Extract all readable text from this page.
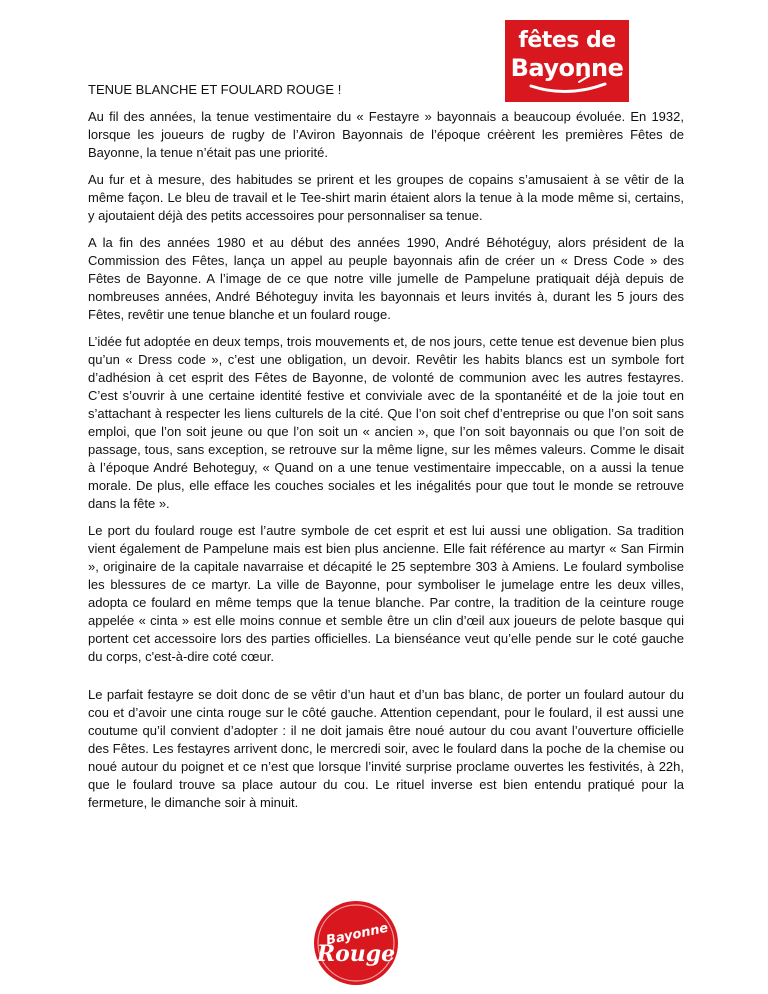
fêtes de
Bayonne
TENUE BLANCHE ET FOULARD ROUGE !

Au fil des années, la tenue vestimentaire du « Festayre » bayonnais a beaucoup évoluée. En 1932, lorsque les joueurs de rugby de l’Aviron Bayonnais de l’époque créèrent les premières Fêtes de Bayonne, la tenue n’était pas une priorité.

Au fur et à mesure, des habitudes se prirent et les groupes de copains s’amusaient à se vêtir de la même façon. Le bleu de travail et le Tee-shirt marin étaient alors la tenue à la mode même si, certains, y ajoutaient déjà des petits accessoires pour personnaliser sa tenue.

A la fin des années 1980 et au début des années 1990, André Béhotéguy, alors président de la Commission des Fêtes, lança un appel au peuple bayonnais afin de créer un « Dress Code » des Fêtes de Bayonne. A l’image de ce que notre ville jumelle de Pampelune pratiquait déjà depuis de nombreuses années, André Béhoteguy invita les bayonnais et leurs invités à, durant les 5 jours des Fêtes, revêtir une tenue blanche et un foulard rouge.

L’idée fut adoptée en deux temps, trois mouvements et, de nos jours, cette tenue est devenue bien plus qu’un « Dress code », c’est une obligation, un devoir. Revêtir les habits blancs est un symbole fort d’adhésion à cet esprit des Fêtes de Bayonne, de volonté de communion avec les autres festayres. C’est s’ouvrir à une certaine identité festive et conviviale avec de la spontanéité et de la joie tout en s’attachant à respecter les liens culturels de la cité. Que l’on soit chef d’entreprise ou que l’on soit sans emploi, que l’on soit jeune ou que l’on soit un « ancien », que l’on soit bayonnais ou que l’on soit de passage, tous, sans exception, se retrouve sur la même ligne, sur les mêmes valeurs. Comme le disait à l’époque André Behoteguy, « Quand on a une tenue vestimentaire impeccable, on a aussi la tenue morale. De plus, elle efface les couches sociales et les inégalités pour que tout le monde se retrouve dans la fête ».

Le port du foulard rouge est l’autre symbole de cet esprit et est lui aussi une obligation. Sa tradition vient également de Pampelune mais est bien plus ancienne. Elle fait référence au martyr « San Firmin », originaire de la capitale navarraise et décapité le 25 septembre 303 à Amiens. Le foulard symbolise les blessures de ce martyr. La ville de Bayonne, pour symboliser le jumelage entre les deux villes, adopta ce foulard en même temps que la tenue blanche. Par contre, la tradition de la ceinture rouge appelée « cinta » est elle moins connue et semble être un clin d’œil aux joueurs de pelote basque qui portent cet accessoire lors des parties officielles. La bienséance veut qu’elle pende sur le coté gauche du corps, c'est-à-dire coté cœur.

Le parfait festayre se doit donc de se vêtir d’un haut et d’un bas blanc, de porter un foulard autour du cou et d’avoir une cinta rouge sur le côté gauche. Attention cependant, pour le foulard, il est aussi une coutume qu’il convient d’adopter : il ne doit jamais être noué autour du cou avant l’ouverture officielle des Fêtes. Les festayres arrivent donc, le mercredi soir, avec le foulard dans la poche de la chemise ou noué autour du poignet et ce n’est que lorsque l’invité surprise proclame ouvertes les festivités, à 22h, que le foulard trouve sa place autour du cou. Le rituel inverse est bien entendu pratiqué pour la fermeture, le dimanche soir à minuit.

Bayonne
Rouge
